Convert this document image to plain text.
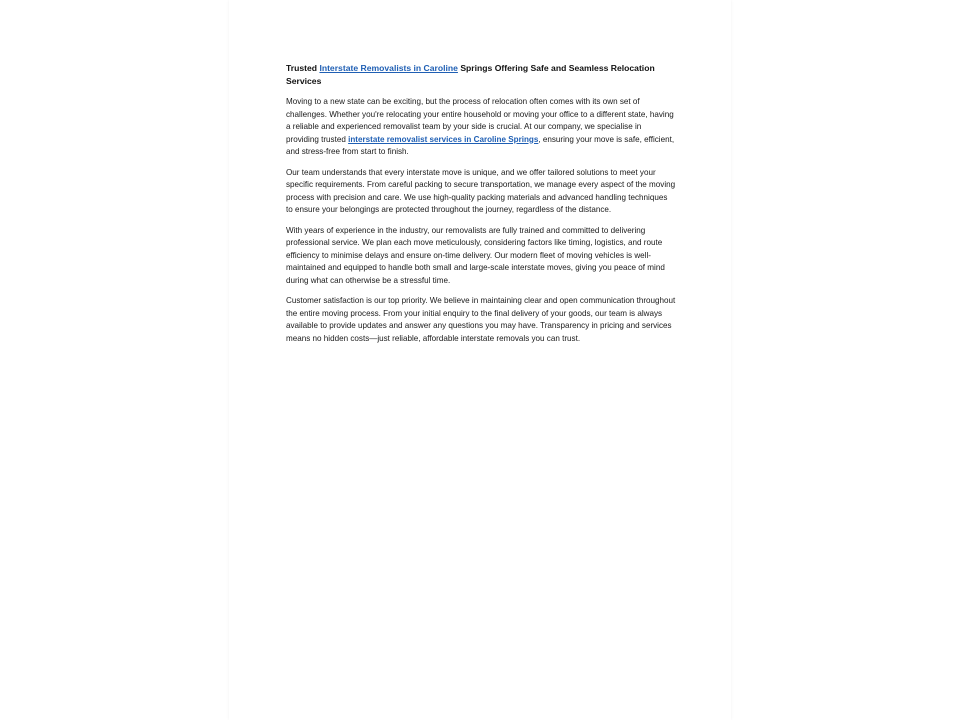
Trusted Interstate Removalists in Caroline Springs Offering Safe and Seamless Relocation Services

Moving to a new state can be exciting, but the process of relocation often comes with its own set of challenges. Whether you're relocating your entire household or moving your office to a different state, having a reliable and experienced removalist team by your side is crucial. At our company, we specialise in providing trusted interstate removalist services in Caroline Springs, ensuring your move is safe, efficient, and stress-free from start to finish.

Our team understands that every interstate move is unique, and we offer tailored solutions to meet your specific requirements. From careful packing to secure transportation, we manage every aspect of the moving process with precision and care. We use high-quality packing materials and advanced handling techniques to ensure your belongings are protected throughout the journey, regardless of the distance.

With years of experience in the industry, our removalists are fully trained and committed to delivering professional service. We plan each move meticulously, considering factors like timing, logistics, and route efficiency to minimise delays and ensure on-time delivery. Our modern fleet of moving vehicles is well-maintained and equipped to handle both small and large-scale interstate moves, giving you peace of mind during what can otherwise be a stressful time.

Customer satisfaction is our top priority. We believe in maintaining clear and open communication throughout the entire moving process. From your initial enquiry to the final delivery of your goods, our team is always available to provide updates and answer any questions you may have. Transparency in pricing and services means no hidden costs—just reliable, affordable interstate removals you can trust.
